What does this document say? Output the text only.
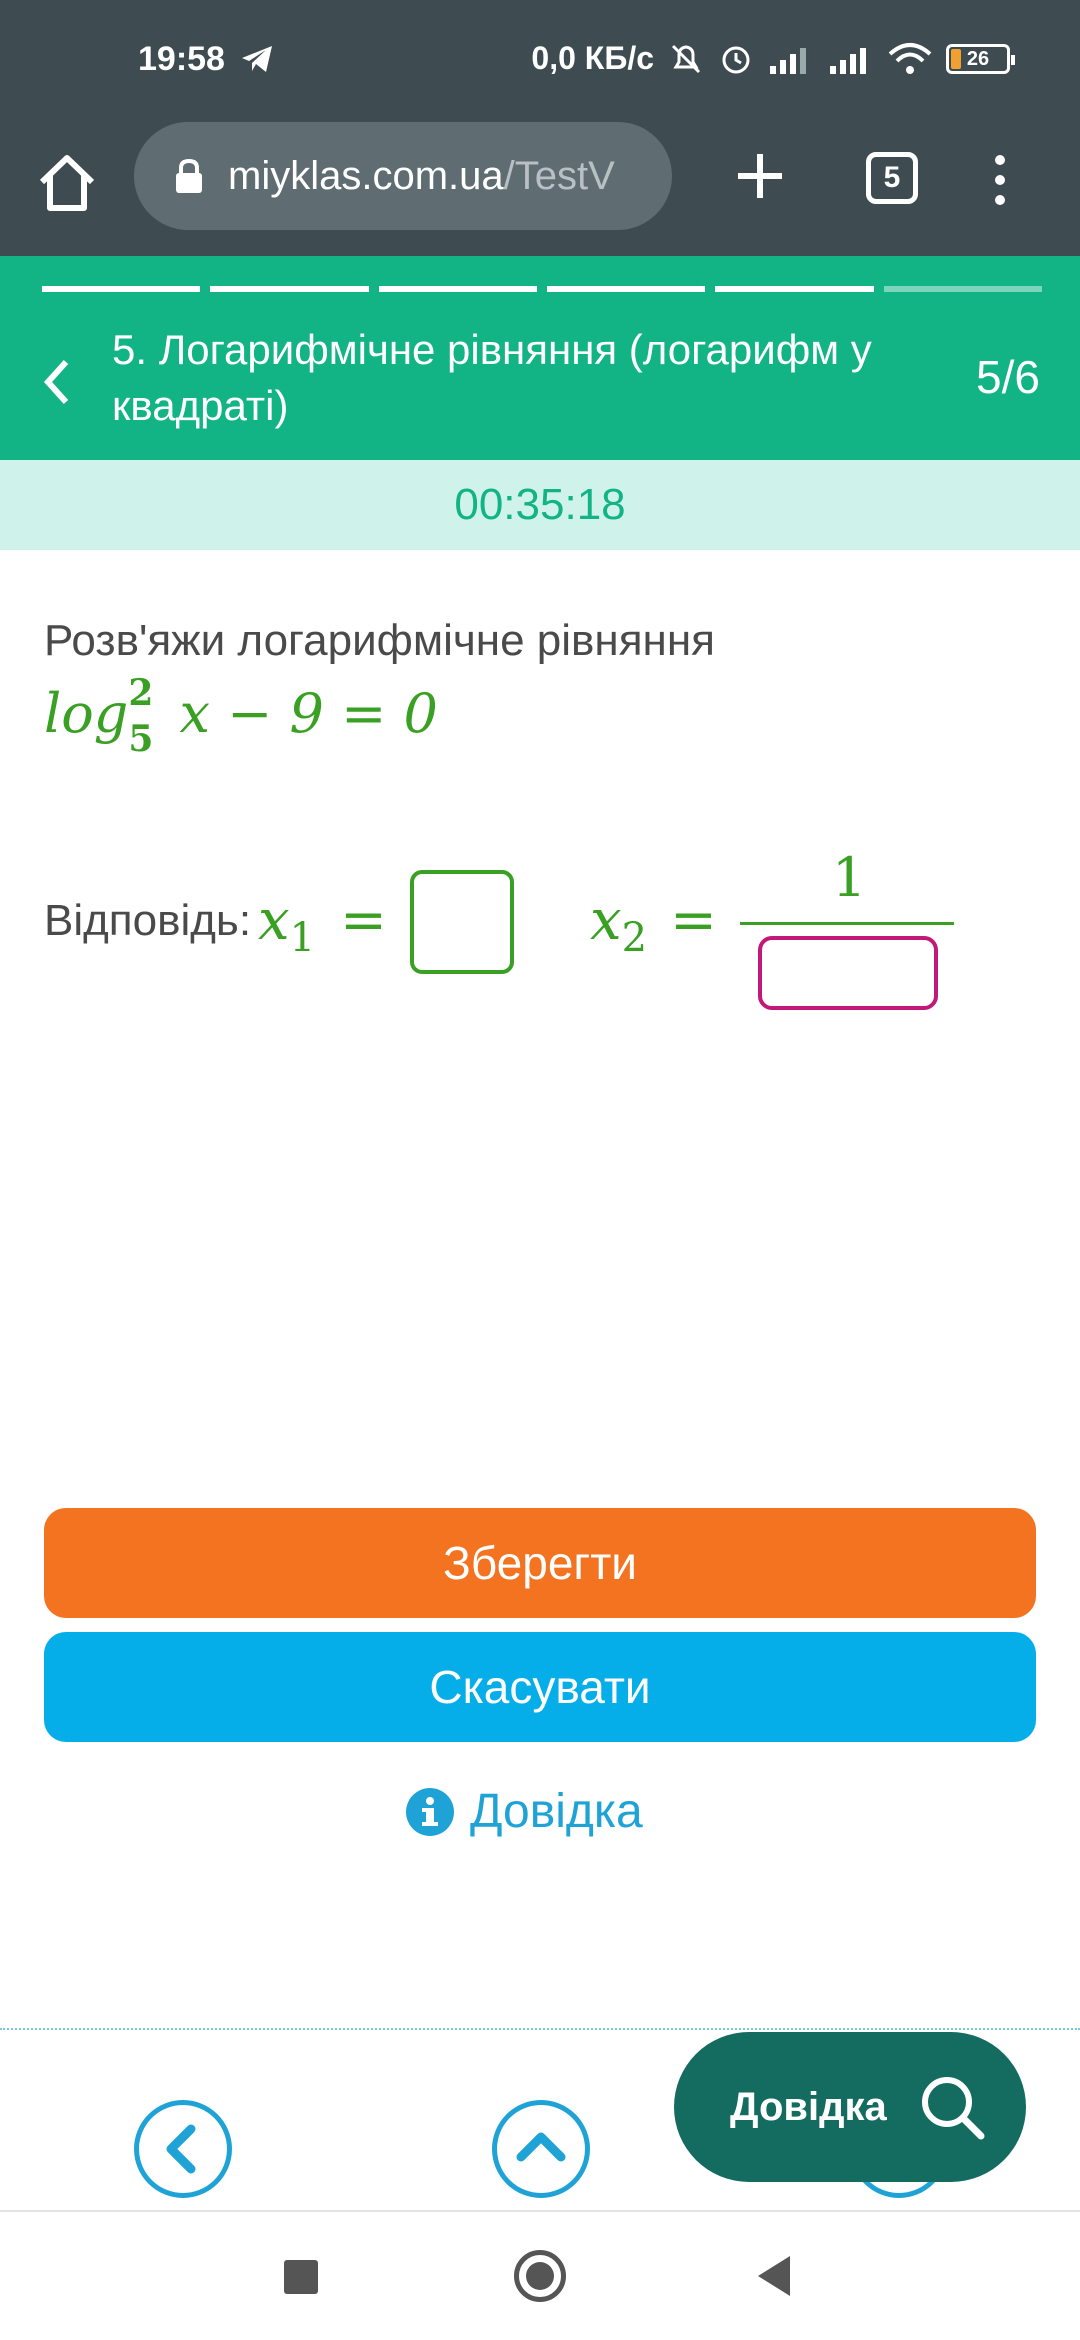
19:58	0,0 КБ/с	26
miyklas.com.ua /TestV	5
5. Логарифмічне рівняння (логарифм у квадраті)
5/6
00:35:18
Розв'яжи логарифмічне рівняння
log 2
5 x − 9 = 0
Відповідь: $x_1$ =	$x_2$ =
1
Зберегти
Скасувати
Довідка
Довідка
